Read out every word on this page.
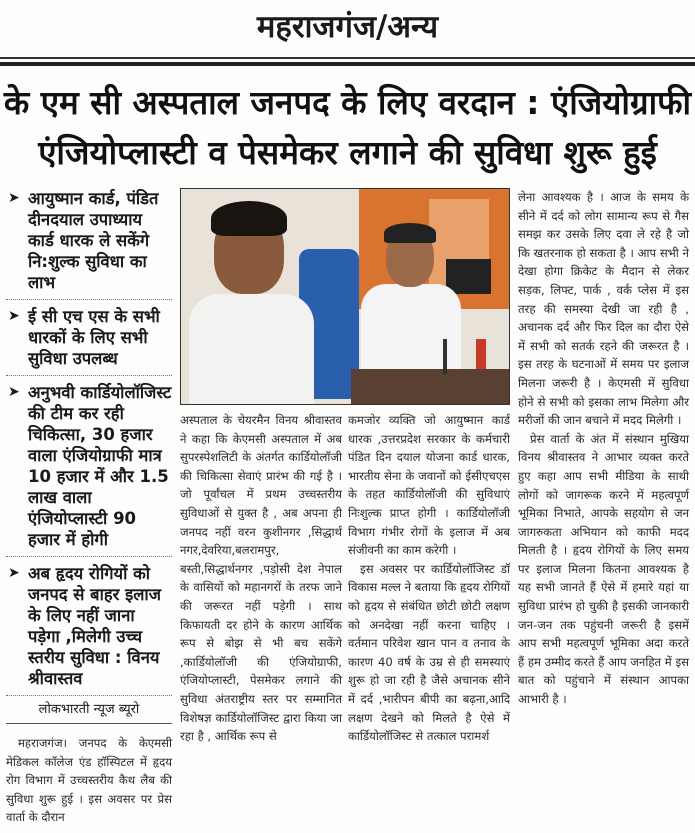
महराजगंज/अन्य
के एम सी अस्पताल जनपद के लिए वरदान : एंजियोग्राफी
एंजियोप्लास्टी व पेसमेकर लगाने की सुविधा शुरू हुई
➤ आयुष्मान कार्ड, पंडित दीनदयाल उपाध्याय कार्ड धारक ले सकेंगे नि:शुल्क सुविधा का लाभ
➤ ई सी एच एस के सभी धारकों के लिए सभी सुविधा उपलब्ध
➤ अनुभवी कार्डियोलॉजिस्ट की टीम कर रही चिकित्सा, 30 हजार वाला एंजियोग्राफी मात्र 10 हजार में और 1.5 लाख वाला एंजियोप्लास्टी 90 हजार में होगी
➤ अब हृदय रोगियों को जनपद से बाहर इलाज के लिए नहीं जाना पड़ेगा ,मिलेगी उच्च स्तरीय सुविधा : विनय श्रीवास्तव
लोकभारती न्यूज ब्यूरो

महराजगंज। जनपद के केएमसी मेडिकल कॉलेज एंड हॉस्पिटल में हृदय रोग विभाग में उच्चस्तरीय कैथ लैब की सुविधा शुरू हुई । इस अवसर पर प्रेस वार्ता के दौरान

अस्पताल के चेयरमैन विनय श्रीवास्तव ने कहा कि केएमसी अस्पताल में अब सुपरस्पेशलिटी के अंतर्गत कार्डियोलॉजी की चिकित्सा सेवाएं प्रारंभ की गई है । जो पूर्वांचल में प्रथम उच्चस्तरीय सुविधाओं से युक्त है , अब अपना ही जनपद नहीं वरन कुशीनगर ,सिद्धार्थ नगर,देवरिया,बलरामपुर, बस्ती,सिद्धार्थनगर ,पड़ोसी देश नेपाल के वासियों को महानगरों के तरफ जाने की जरूरत नहीं पड़ेगी । साथ किफायती दर होने के कारण आर्थिक रूप से बोझ से भी बच सकेंगे ,कार्डियोलॉजी की एंजियोग्राफी, एंजियोप्लास्टी, पेसमेकर लगाने की सुविधा अंतराष्ट्रीय स्तर पर सम्मानित विशेषज्ञ कार्डियोलॉजिस्ट द्वारा किया जा रहा है , आर्थिक रूप से

कमजोर व्यक्ति जो आयुष्मान कार्ड धारक ,उत्तरप्रदेश सरकार के कर्मचारी पंडित दिन दयाल योजना कार्ड धारक, भारतीय सेना के जवानों को ईसीएचएस के तहत कार्डियोलॉजी की सुविधाएं निःशुल्क प्राप्त होगी । कार्डियोलॉजी विभाग गंभीर रोगों के इलाज में अब संजीवनी का काम करेगी ।

इस अवसर पर कार्डियोलॉजिस्ट डॉ विकास मल्ल ने बताया कि हृदय रोगियों को हृदय से संबंधित छोटी छोटी लक्षण को अनदेखा नहीं करना चाहिए । वर्तमान परिवेश खान पान व तनाव के कारण 40 वर्ष के उम्र से ही समस्याएं शुरू हो जा रही है जैसे अचानक सीने में दर्द ,भारीपन बीपी का बढ़ना,आदि लक्षण देखने को मिलते है ऐसे में कार्डियोलॉजिस्ट से तत्काल परामर्श

लेना आवश्यक है । आज के समय के सीने में दर्द को लोग सामान्य रूप से गैस समझ कर उसके लिए दवा ले रहे है जो कि खतरनाक हो सकता है । आप सभी ने देखा होगा क्रिकेट के मैदान से लेकर सड़क, लिफ्ट, पार्क , वर्क प्लेस में इस तरह की समस्या देखी जा रही है , अचानक दर्द और फिर दिल का दौरा ऐसे में सभी को सतर्क रहने की जरूरत है । इस तरह के घटनाओं में समय पर इलाज मिलना जरूरी है । केएमसी में सुविधा होने से सभी को इसका लाभ मिलेगा और मरीजों की जान बचाने में मदद मिलेगी ।

प्रेस वार्ता के अंत में संस्थान मुखिया विनय श्रीवास्तव ने आभार व्यक्त करते हुए कहा आप सभी मीडिया के साथी लोगों को जागरूक करने में महत्वपूर्ण भूमिका निभाते, आपके सहयोग से जन जागरुकता अभियान को काफी मदद मिलती है । हृदय रोगियों के लिए समय पर इलाज मिलना कितना आवश्यक है यह सभी जानते हैं ऐसे में हमारे यहां या सुविधा प्रारंभ हो चुकी है इसकी जानकारी जन-जन तक पहुंचनी जरूरी है इसमें आप सभी महत्वपूर्ण भूमिका अदा करते हैं हम उम्मीद करते हैं आप जनहित में इस बात को पहुंचाने में संस्थान आपका आभारी है ।
